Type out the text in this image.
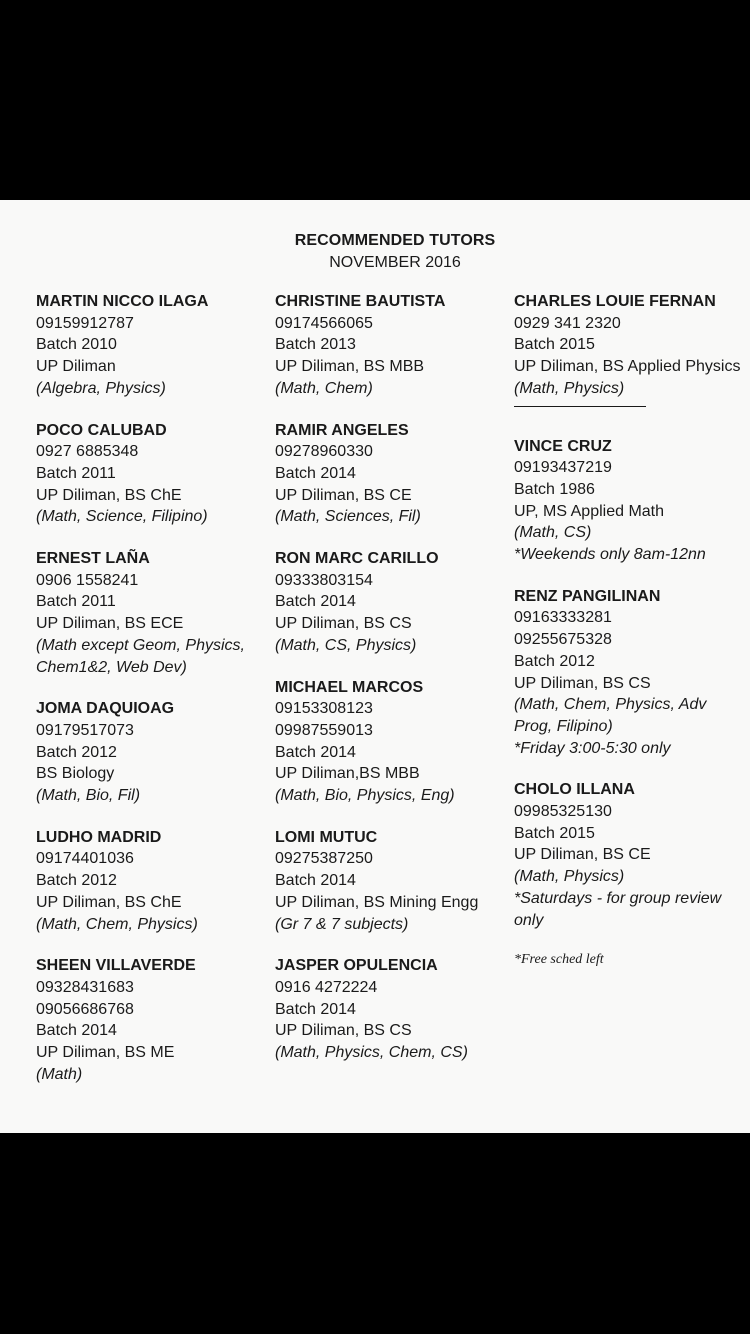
RECOMMENDED TUTORS
NOVEMBER 2016
MARTIN NICCO ILAGA
09159912787
Batch 2010
UP Diliman
(Algebra, Physics)
POCO CALUBAD
0927 6885348
Batch 2011
UP Diliman, BS ChE
(Math, Science, Filipino)
ERNEST LAÑA
0906 1558241
Batch 2011
UP Diliman, BS ECE
(Math except Geom, Physics, Chem1&2, Web Dev)
JOMA DAQUIOAG
09179517073
Batch 2012
BS Biology
(Math, Bio, Fil)
LUDHO MADRID
09174401036
Batch 2012
UP Diliman, BS ChE
(Math, Chem, Physics)
SHEEN VILLAVERDE
09328431683
09056686768
Batch 2014
UP Diliman, BS ME
(Math)
CHRISTINE BAUTISTA
09174566065
Batch 2013
UP Diliman, BS MBB
(Math, Chem)
RAMIR ANGELES
09278960330
Batch 2014
UP Diliman, BS CE
(Math, Sciences, Fil)
RON MARC CARILLO
09333803154
Batch 2014
UP Diliman, BS CS
(Math, CS, Physics)
MICHAEL MARCOS
09153308123
09987559013
Batch 2014
UP Diliman,BS MBB
(Math, Bio, Physics, Eng)
LOMI MUTUC
09275387250
Batch 2014
UP Diliman, BS Mining Engg
(Gr 7 & 7 subjects)
JASPER OPULENCIA
0916 4272224
Batch 2014
UP Diliman, BS CS
(Math, Physics, Chem, CS)
CHARLES LOUIE FERNAN
0929 341 2320
Batch 2015
UP Diliman, BS Applied Physics
(Math, Physics)
VINCE CRUZ
09193437219
Batch 1986
UP, MS Applied Math
(Math, CS)
*Weekends only 8am-12nn
RENZ PANGILINAN
09163333281
09255675328
Batch 2012
UP Diliman, BS CS
(Math, Chem, Physics, Adv Prog, Filipino)
*Friday 3:00-5:30 only
CHOLO ILLANA
09985325130
Batch 2015
UP Diliman, BS CE
(Math, Physics)
*Saturdays - for group review only
*Free sched left
